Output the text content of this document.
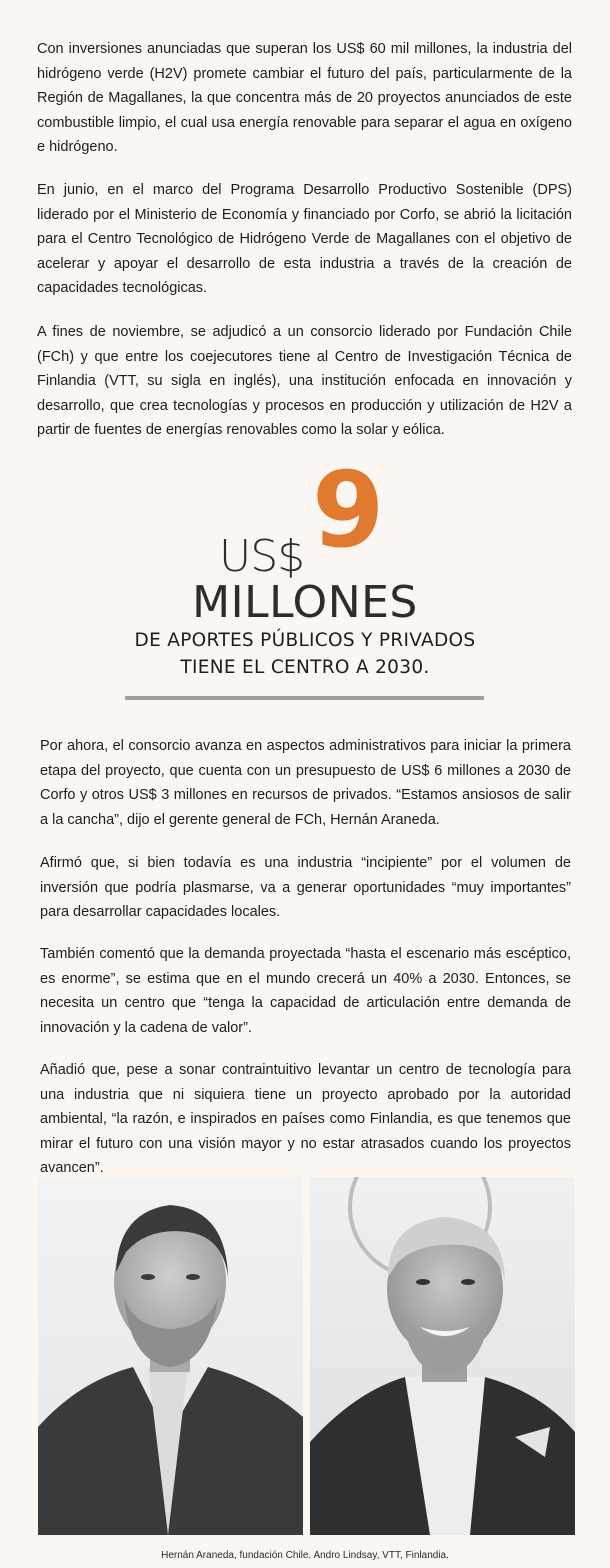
Con inversiones anunciadas que superan los US$ 60 mil millones, la industria del hidrógeno verde (H2V) promete cambiar el futuro del país, particularmente de la Región de Magallanes, la que concentra más de 20 proyectos anunciados de este combustible limpio, el cual usa energía renovable para separar el agua en oxígeno e hidrógeno.

En junio, en el marco del Programa Desarrollo Productivo Sostenible (DPS) liderado por el Ministerio de Economía y financiado por Corfo, se abrió la licitación para el Centro Tecnológico de Hidrógeno Verde de Magallanes con el objetivo de acelerar y apoyar el desarrollo de esta industria a través de la creación de capacidades tecnológicas.

A fines de noviembre, se adjudicó a un consorcio liderado por Fundación Chile (FCh) y que entre los coejecutores tiene al Centro de Investigación Técnica de Finlandia (VTT, su sigla en inglés), una institución enfocada en innovación y desarrollo, que crea tecnologías y procesos en producción y utilización de H2V a partir de fuentes de energías renovables como la solar y eólica.

US$ 9
MILLONES
DE APORTES PÚBLICOS Y PRIVADOS
TIENE EL CENTRO A 2030.

Por ahora, el consorcio avanza en aspectos administrativos para iniciar la primera etapa del proyecto, que cuenta con un presupuesto de US$ 6 millones a 2030 de Corfo y otros US$ 3 millones en recursos de privados. “Estamos ansiosos de salir a la cancha”, dijo el gerente general de FCh, Hernán Araneda.

Afirmó que, si bien todavía es una industria “incipiente” por el volumen de inversión que podría plasmarse, va a generar oportunidades “muy importantes” para desarrollar capacidades locales.

También comentó que la demanda proyectada “hasta el escenario más escéptico, es enorme”, se estima que en el mundo crecerá un 40% a 2030. Entonces, se necesita un centro que “tenga la capacidad de articulación entre demanda de innovación y la cadena de valor”.

Añadió que, pese a sonar contraintuitivo levantar un centro de tecnología para una industria que ni siquiera tiene un proyecto aprobado por la autoridad ambiental, “la razón, e inspirados en países como Finlandia, es que tenemos que mirar el futuro con una visión mayor y no estar atrasados cuando los proyectos avancen”.

Hernán Araneda, fundación Chile. Andro Lindsay, VTT, Finlandia.
